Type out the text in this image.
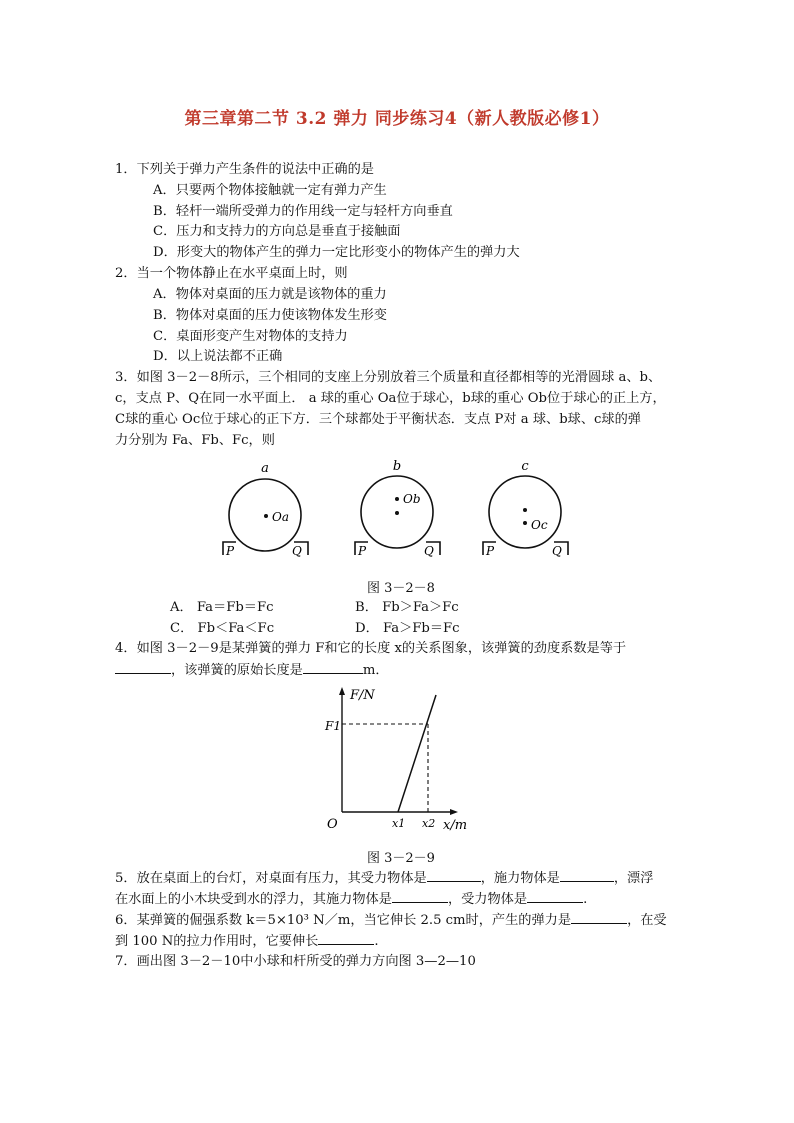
第三章第二节 3.2 弹力 同步练习4（新人教版必修1）
1．下列关于弹力产生条件的说法中正确的是
A．只要两个物体接触就一定有弹力产生
B．轻杆一端所受弹力的作用线一定与轻杆方向垂直
C．压力和支持力的方向总是垂直于接触面
D．形变大的物体产生的弹力一定比形变小的物体产生的弹力大
2．当一个物体静止在水平桌面上时，则
A．物体对桌面的压力就是该物体的重力
B．物体对桌面的压力使该物体发生形变
C．桌面形变产生对物体的支持力
D．以上说法都不正确
3．如图 3－2－8所示，三个相同的支座上分别放着三个质量和直径都相等的光滑圆球 a、b、
c，支点 P、Q在同一水平面上． a 球的重心 Oa位于球心，b球的重心 Ob位于球心的正上方，
C球的重心 Oc位于球心的正下方．三个球都处于平衡状态．支点 P对 a 球、b球、c球的弹
力分别为 Fa、Fb、Fc，则
a
Oa
P	Q
b
Ob
P	Q
c
Oc
P	Q
图 3－2－8
A． Fa＝Fb＝Fc	B． Fb＞Fa＞Fc
C． Fb＜Fa＜Fc	D． Fa＞Fb＝Fc
4．如图 3－2－9是某弹簧的弹力 F和它的长度 x的关系图象，该弹簧的劲度系数是等于
，该弹簧的原始长度是	m．
F/N
x/m
O
F1
x1 x2
图 3－2－9
5．放在桌面上的台灯，对桌面有压力，其受力物体是	，施力物体是	，漂浮
在水面上的小木块受到水的浮力，其施力物体是	，受力物体是	.
6．某弹簧的倔强系数 k＝5×10³ N／m，当它伸长 2.5 cm时，产生的弹力是	，在受
到 100 N的拉力作用时，它要伸长	.
7．画出图 3－2－10中小球和杆所受的弹力方向图 3—2—10
